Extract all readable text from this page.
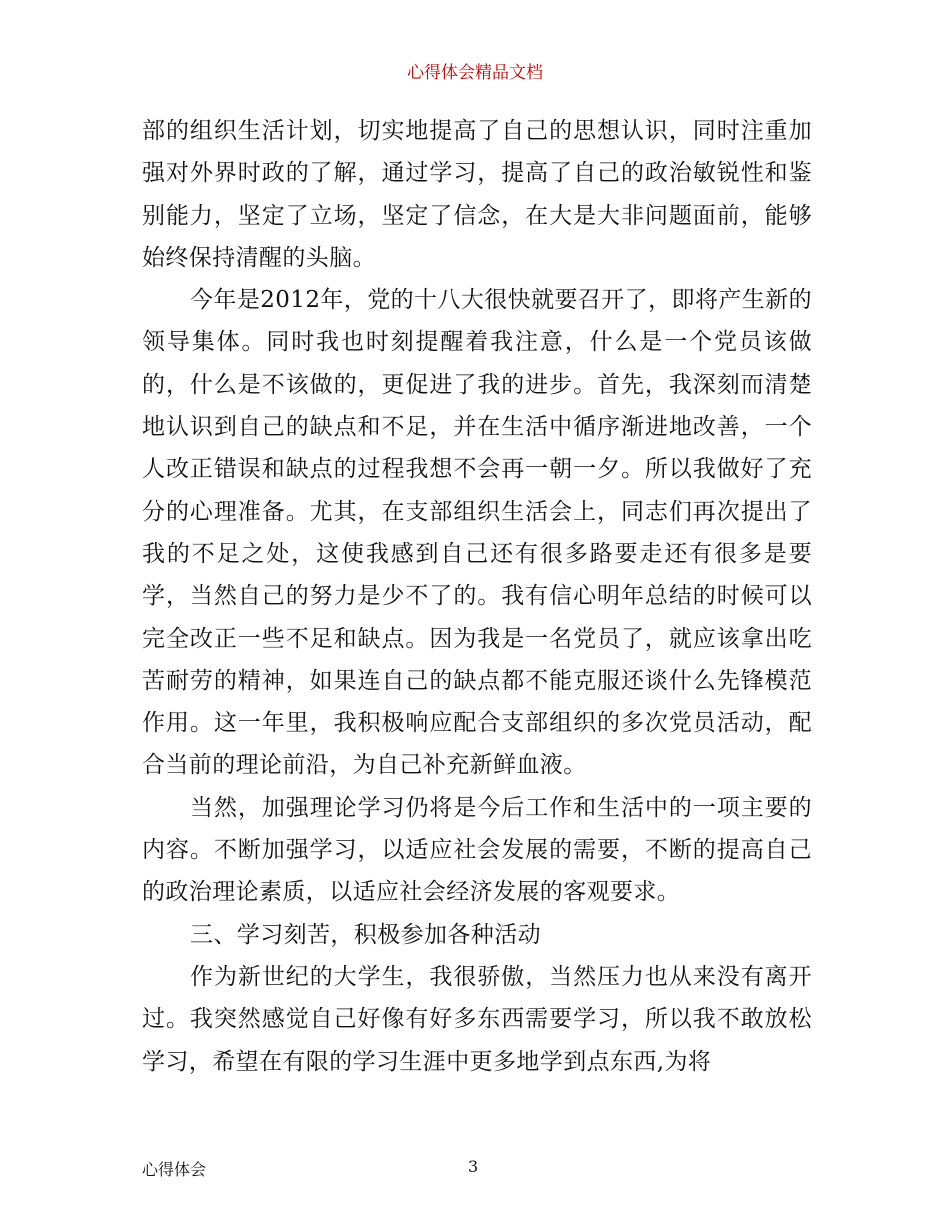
心得体会精品文档

部的组织生活计划，切实地提高了自己的思想认识，同时注重加强对外界时政的了解，通过学习，提高了自己的政治敏锐性和鉴别能力，坚定了立场，坚定了信念，在大是大非问题面前，能够始终保持清醒的头脑。

今年是2012年，党的十八大很快就要召开了，即将产生新的领导集体。同时我也时刻提醒着我注意，什么是一个党员该做的，什么是不该做的，更促进了我的进步。首先，我深刻而清楚地认识到自己的缺点和不足，并在生活中循序渐进地改善，一个人改正错误和缺点的过程我想不会再一朝一夕。所以我做好了充分的心理准备。尤其，在支部组织生活会上，同志们再次提出了我的不足之处，这使我感到自己还有很多路要走还有很多是要学，当然自己的努力是少不了的。我有信心明年总结的时候可以完全改正一些不足和缺点。因为我是一名党员了，就应该拿出吃苦耐劳的精神，如果连自己的缺点都不能克服还谈什么先锋模范作用。这一年里，我积极响应配合支部组织的多次党员活动，配合当前的理论前沿，为自己补充新鲜血液。

当然，加强理论学习仍将是今后工作和生活中的一项主要的内容。不断加强学习，以适应社会发展的需要，不断的提高自己的政治理论素质，以适应社会经济发展的客观要求。

三、学习刻苦，积极参加各种活动

作为新世纪的大学生，我很骄傲，当然压力也从来没有离开过。我突然感觉自己好像有好多东西需要学习，所以我不敢放松学习，希望在有限的学习生涯中更多地学到点东西,为将

心得体会	3
